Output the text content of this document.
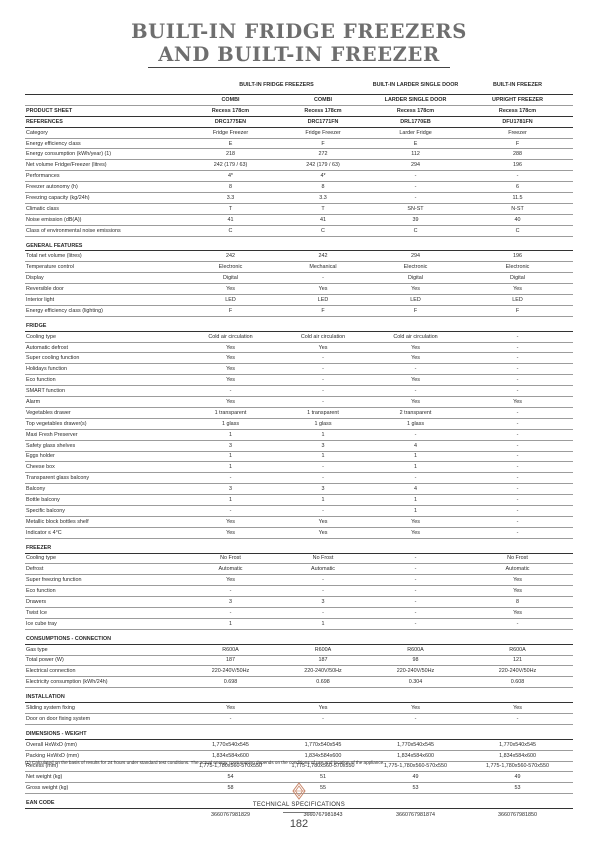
BUILT-IN FRIDGE FREEZERS
AND BUILT-IN FREEZER
	BUILT-IN FRIDGE FREEZERS		BUILT-IN LARDER SINGLE DOOR	BUILT-IN FREEZER
	COMBI	COMBI	LARDER SINGLE DOOR	UPRIGHT FREEZER
PRODUCT SHEET	Recess 178cm	Recess 178cm	Recess 178cm	Recess 178cm
REFERENCES	DRC1775EN	DRC1771FN	DRL1770EB	DFU1781FN
Category	Fridge Freezer	Fridge Freezer	Larder Fridge	Freezer
Energy efficiency class	E	F	E	F
Energy consumption (kWh/year) (1)	218	272	112	288
Net volume Fridge/Freezer (litres)	242 (179 / 63)	242 (179 / 63)	294	196
Performances	4*	4*	-	-
Freezer autonomy (h)	8	8	-	6
Freezing capacity (kg/24h)	3.3	3.3	-	11.5
Climatic class	T	T	SN-ST	N-ST
Noise emission (dB(A))	41	41	39	40
Class of environmental noise emissions	C	C	C	C

GENERAL FEATURES				
Total net volume (litres)	242	242	294	196
Temperature control	Electronic	Mechanical	Electronic	Electronic
Display	Digital	-	Digital	Digital
Reversible door	Yes	Yes	Yes	Yes
Interior light	LED	LED	LED	LED
Energy efficiency class (lighting)	F	F	F	F

FRIDGE				
Cooling type	Cold air circulation	Cold air circulation	Cold air circulation	-
Automatic defrost	Yes	Yes	Yes	-
Super cooling function	Yes	-	Yes	-
Holidays function	Yes	-	-	-
Eco function	Yes	-	Yes	-
SMART function	-	-	-	-
Alarm	Yes	-	Yes	Yes
Vegetables drawer	1 transparent	1 transparent	2 transparent	-
Top vegetables drawer(s)	1 glass	1 glass	1 glass	-
Maxi Fresh Preserver	1	1	-	-
Safety glass shelves	3	3	4	-
Eggs holder	1	1	1	-
Cheese box	1	-	1	-
Transparent glass balcony	-	-	-	-
Balcony	3	3	4	-
Bottle balcony	1	1	1	-
Specific balcony	-	-	1	-
Metallic block bottles shelf	Yes	Yes	Yes	-
Indicator ≤ 4°C	Yes	Yes	Yes	-

FREEZER				
Cooling type	No Frost	No Frost	-	No Frost
Defrost	Automatic	Automatic	-	Automatic
Super freezing function	Yes	-	-	Yes
Eco function	-	-	-	Yes
Drawers	3	3	-	8
Twist Ice	-	-	-	Yes
Ice cube tray	1	1	-	-

CONSUMPTIONS - CONNECTION				
Gas type	R600A	R600A	R600A	R600A
Total power (W)	187	187	98	121
Electrical connection	220-240V/50Hz	220-240V/50Hz	220-240V/50Hz	220-240V/50Hz
Electricity consumption (kWh/24h)	0.698	0.698	0.304	0.608

INSTALLATION				
Sliding system fixing	Yes	Yes	Yes	Yes
Door on door fixing system	-	-	-	-

DIMENSIONS - WEIGHT				
Overall HxWxD (mm)	1,770x540x545	1,770x540x545	1,770x540x545	1,770x540x545
Packing HxWxD (mm)	1,834x584x600	1,834x584x600	1,834x584x600	1,834x584x600
Recess (mm)	1,775-1,780x560-570x550	1,775-1,780x560-570x550	1,775-1,780x560-570x550	1,775-1,780x560-570x550
Net weight (kg)	54	51	49	49
Gross weight (kg)	58	55	53	53

EAN CODE				
	3660767981829	3660767981843	3660767981874	3660767981850
(1) Calculated on the basis of results for 24 hours under standard test conditions. The actual energy consumption depends on the conditions of use and location of the appliance.
TECHNICAL SPECIFICATIONS
182
